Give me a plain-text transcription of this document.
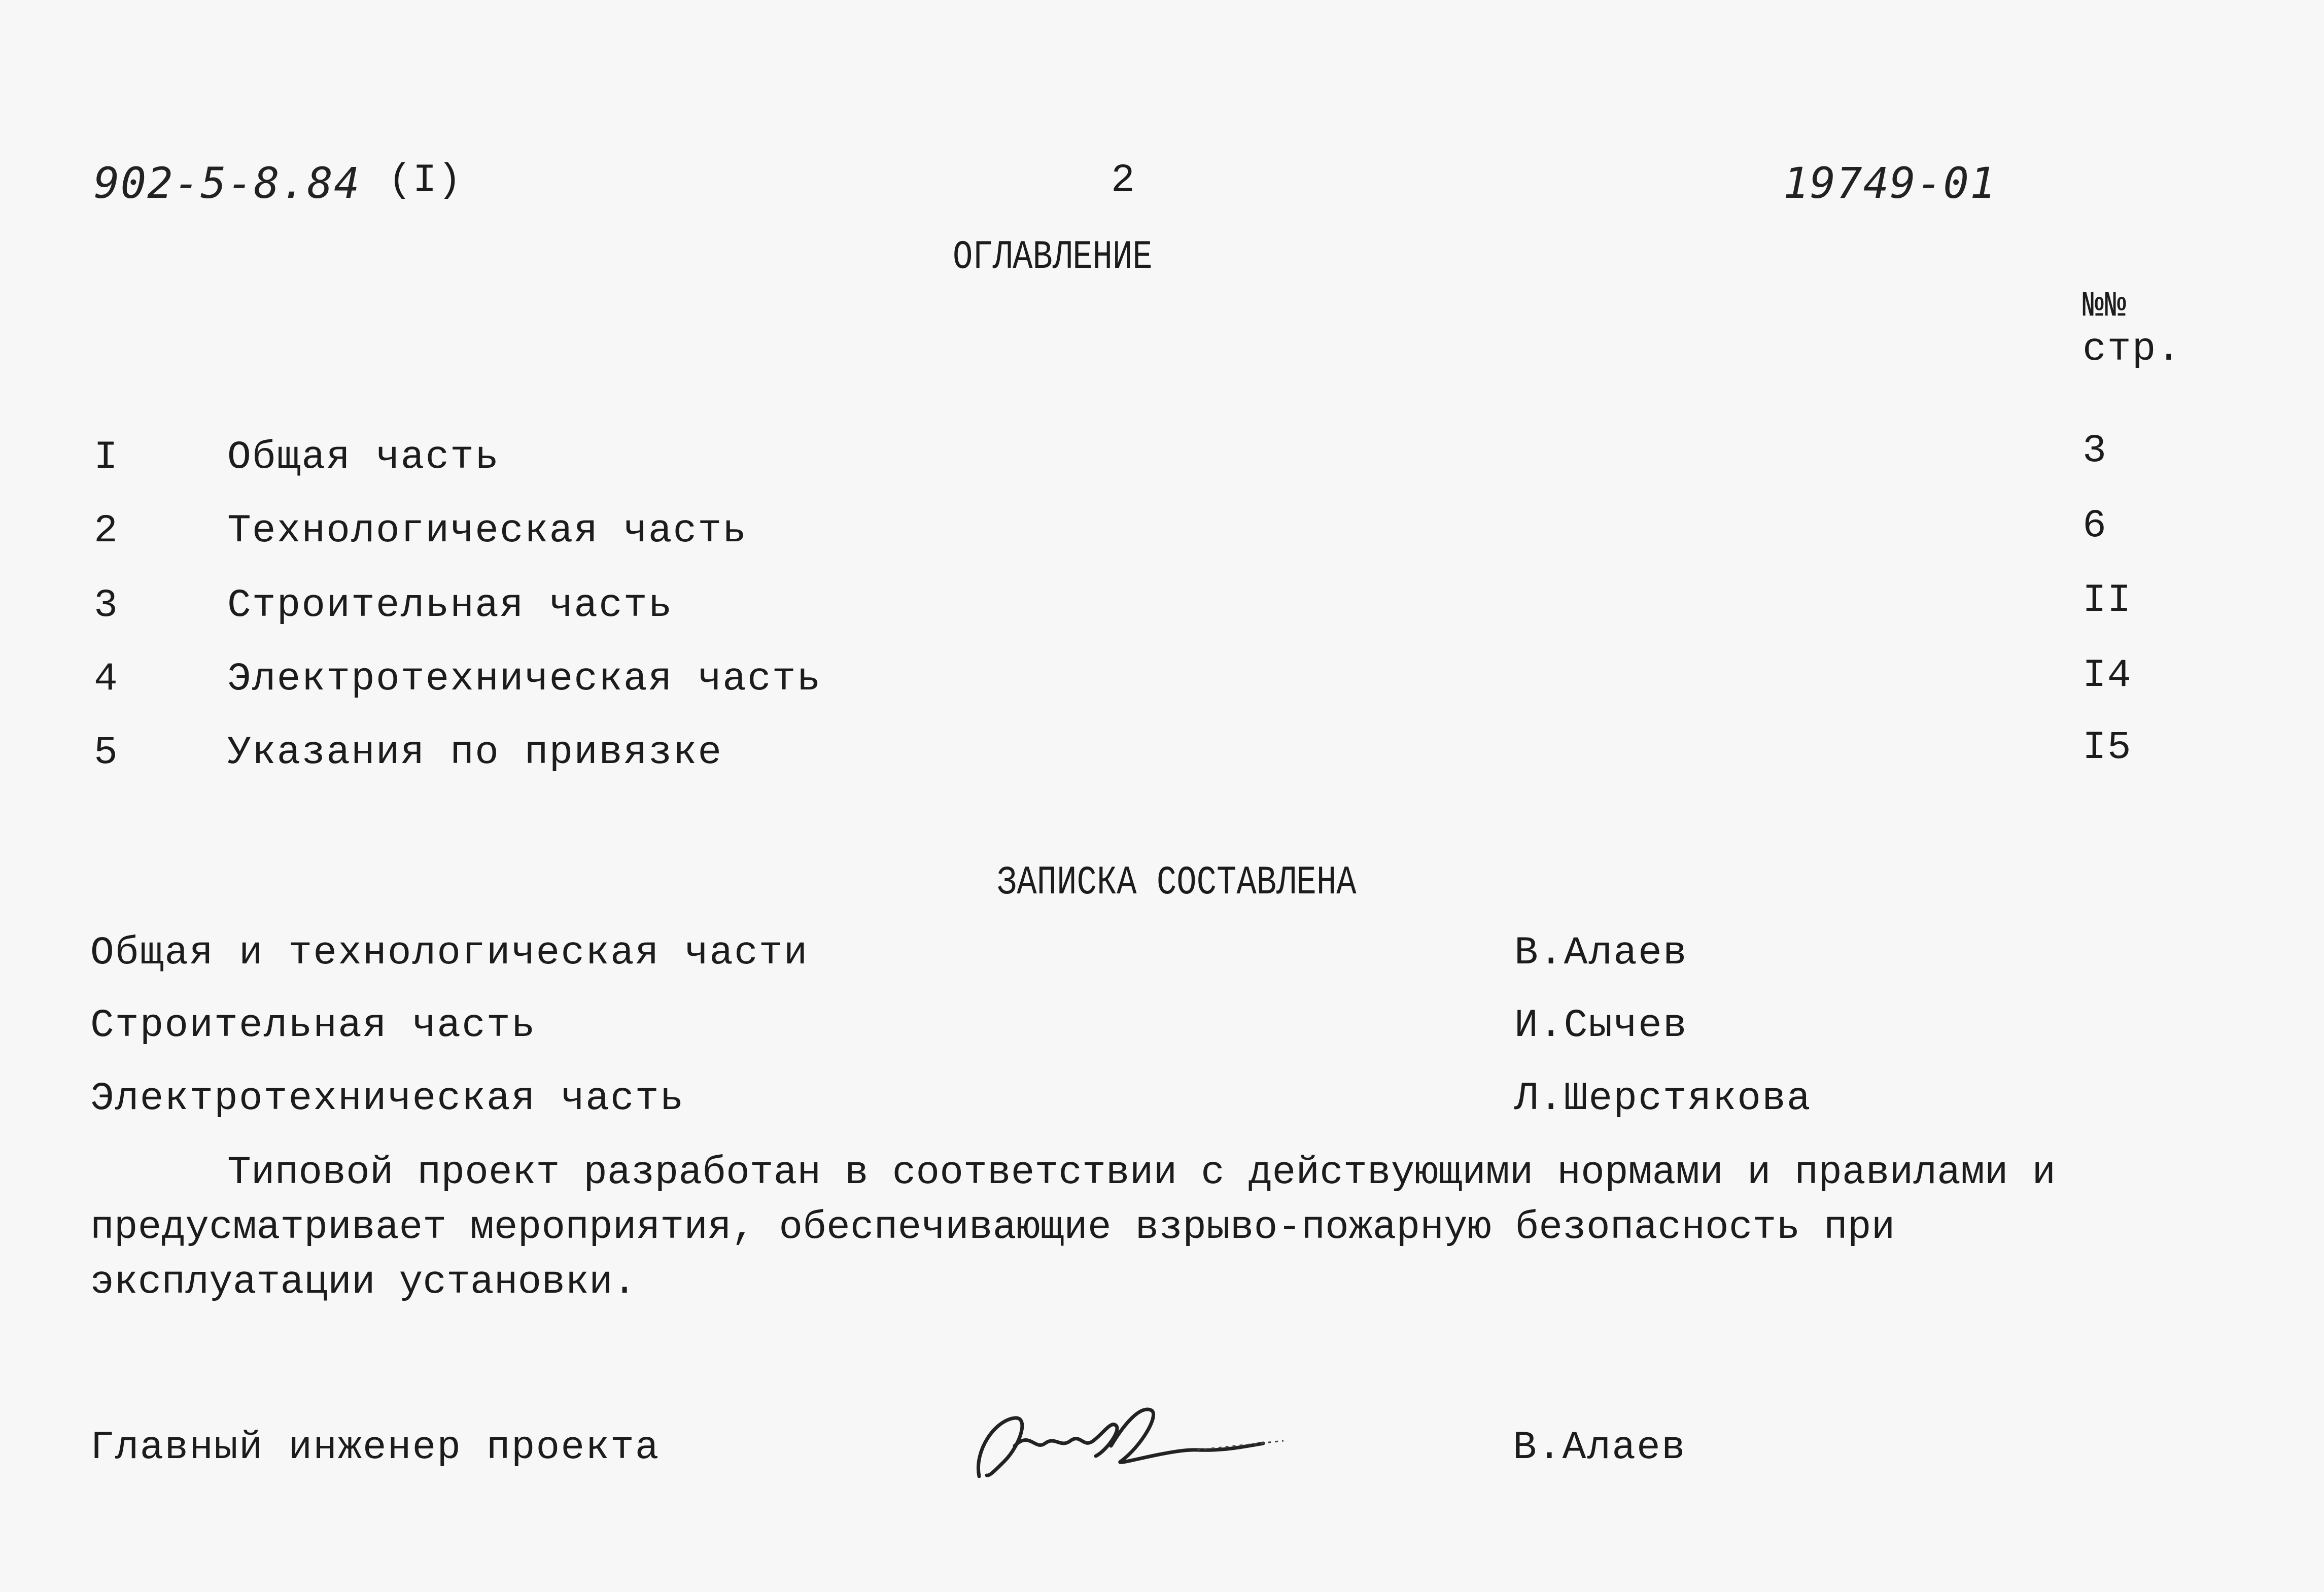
902-5-8.84 (I)	2	19749-01
ОГЛАВЛЕНИЕ
№№
стр.
I	Общая часть	3
2	Технологическая часть	6
3	Строительная часть	II
4	Электротехническая часть	I4
5	Указания по привязке	I5
ЗАПИСКА СОСТАВЛЕНА
Общая и технологическая части	В.Алаев
Строительная часть	И.Сычев
Электротехническая часть	Л.Шерстякова
Типовой проект разработан в соответствии с действующими нормами и правилами и предусматривает мероприятия, обеспечивающие взрыво-пожарную безопасность при эксплуатации установки.
Главный инженер проекта	В.Алаев
